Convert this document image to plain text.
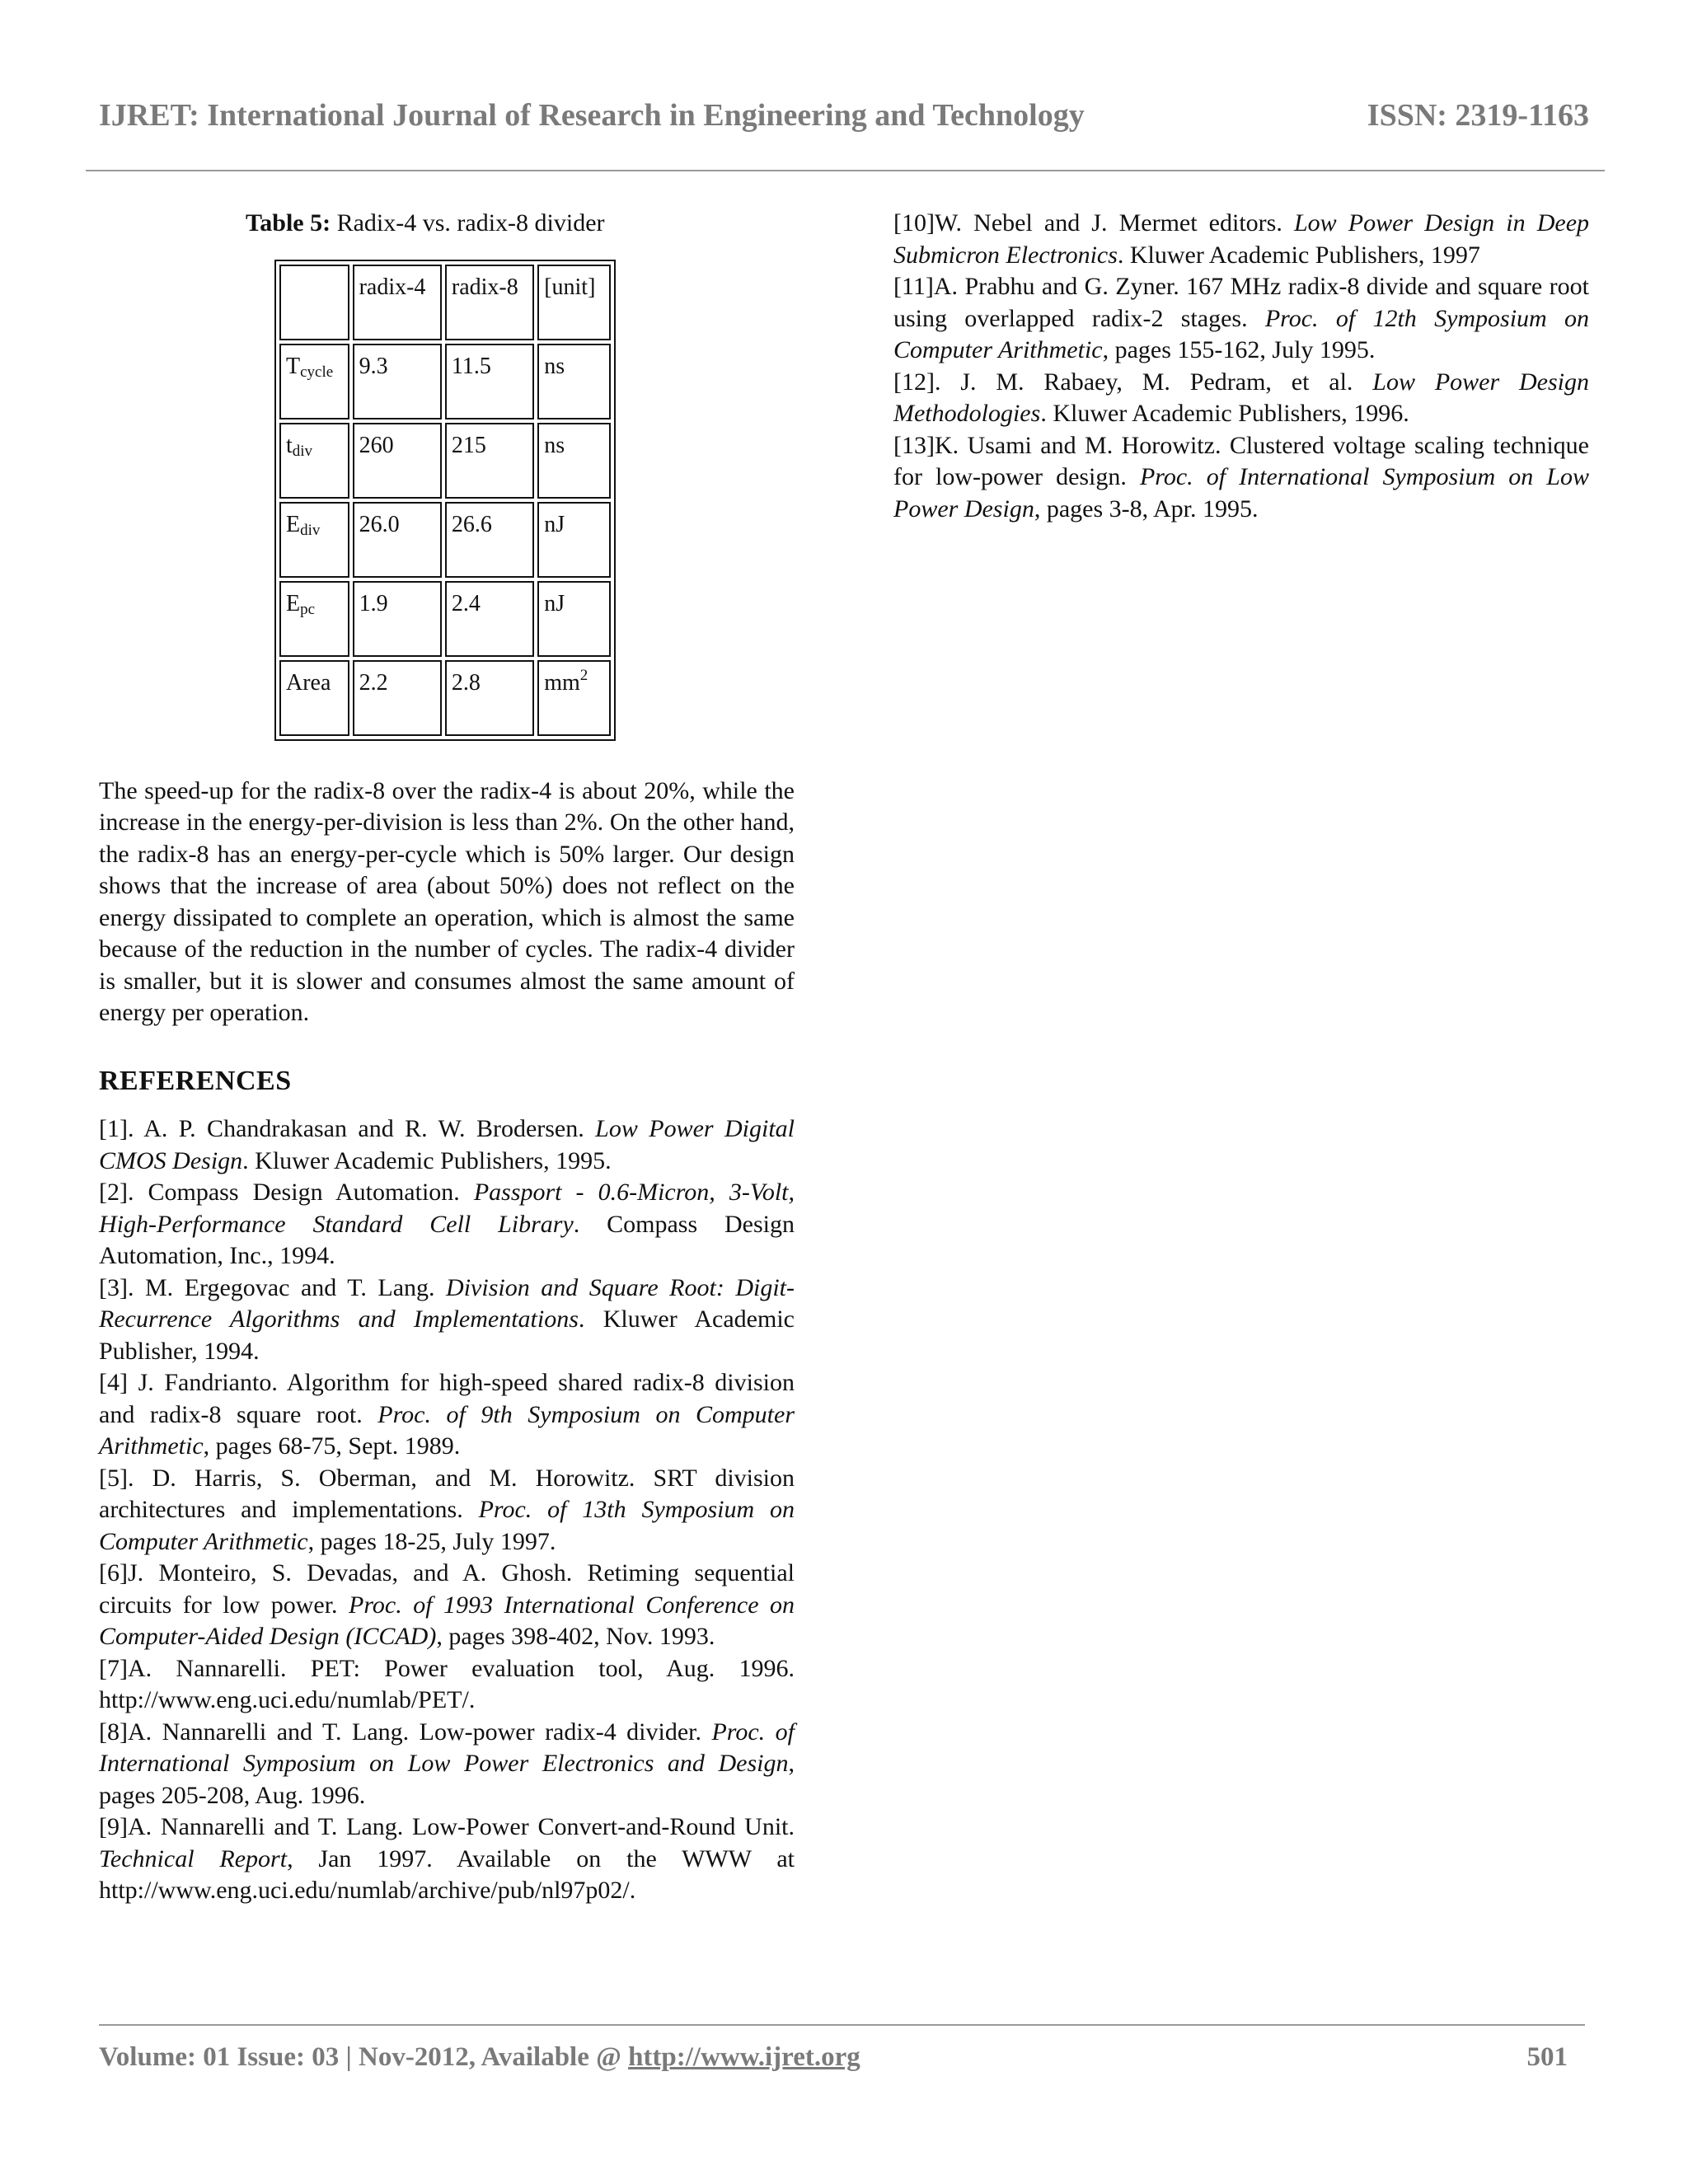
IJRET: International Journal of Research in Engineering and Technology	ISSN: 2319-1163
Table 5: Radix-4 vs. radix-8 divider
	radix-4	radix-8	[unit]
$T_{cycle}$	9.3	11.5	ns
$t_{div}$	260	215	ns
$E_{div}$	26.0	26.6	nJ
$E_{pc}$	1.9	2.4	nJ
Area	2.2	2.8	$mm^2$

The speed-up for the radix-8 over the radix-4 is about 20%, while the increase in the energy-per-division is less than 2%. On the other hand, the radix-8 has an energy-per-cycle which is 50% larger. Our design shows that the increase of area (about 50%) does not reflect on the energy dissipated to complete an operation, which is almost the same because of the reduction in the number of cycles. The radix-4 divider is smaller, but it is slower and consumes almost the same amount of energy per operation.

REFERENCES

[1]. A. P. Chandrakasan and R. W. Brodersen. Low Power Digital CMOS Design. Kluwer Academic Publishers, 1995.

[2]. Compass Design Automation. Passport - 0.6-Micron, 3-Volt, High-Performance Standard Cell Library. Compass Design Automation, Inc., 1994.

[3]. M. Ergegovac and T. Lang. Division and Square Root: Digit-Recurrence Algorithms and Implementations. Kluwer Academic Publisher, 1994.

[4] J. Fandrianto. Algorithm for high-speed shared radix-8 division and radix-8 square root. Proc. of 9th Symposium on Computer Arithmetic, pages 68-75, Sept. 1989.

[5]. D. Harris, S. Oberman, and M. Horowitz. SRT division architectures and implementations. Proc. of 13th Symposium on Computer Arithmetic, pages 18-25, July 1997.

[6]J. Monteiro, S. Devadas, and A. Ghosh. Retiming sequential circuits for low power. Proc. of 1993 International Conference on Computer-Aided Design (ICCAD), pages 398-402, Nov. 1993.

[7]A. Nannarelli. PET: Power evaluation tool, Aug. 1996. http://www.eng.uci.edu/numlab/PET/.

[8]A. Nannarelli and T. Lang. Low-power radix-4 divider. Proc. of International Symposium on Low Power Electronics and Design, pages 205-208, Aug. 1996.

[9]A. Nannarelli and T. Lang. Low-Power Convert-and-Round Unit. Technical Report, Jan 1997. Available on the WWW at http://www.eng.uci.edu/numlab/archive/pub/nl97p02/.

[10]W. Nebel and J. Mermet editors. Low Power Design in Deep Submicron Electronics. Kluwer Academic Publishers, 1997

[11]A. Prabhu and G. Zyner. 167 MHz radix-8 divide and square root using overlapped radix-2 stages. Proc. of 12th Symposium on Computer Arithmetic, pages 155-162, July 1995.

[12]. J. M. Rabaey, M. Pedram, et al. Low Power Design Methodologies. Kluwer Academic Publishers, 1996.

[13]K. Usami and M. Horowitz. Clustered voltage scaling technique for low-power design. Proc. of International Symposium on Low Power Design, pages 3-8, Apr. 1995.

Volume: 01 Issue: 03 | Nov-2012, Available @ http://www.ijret.org	501
